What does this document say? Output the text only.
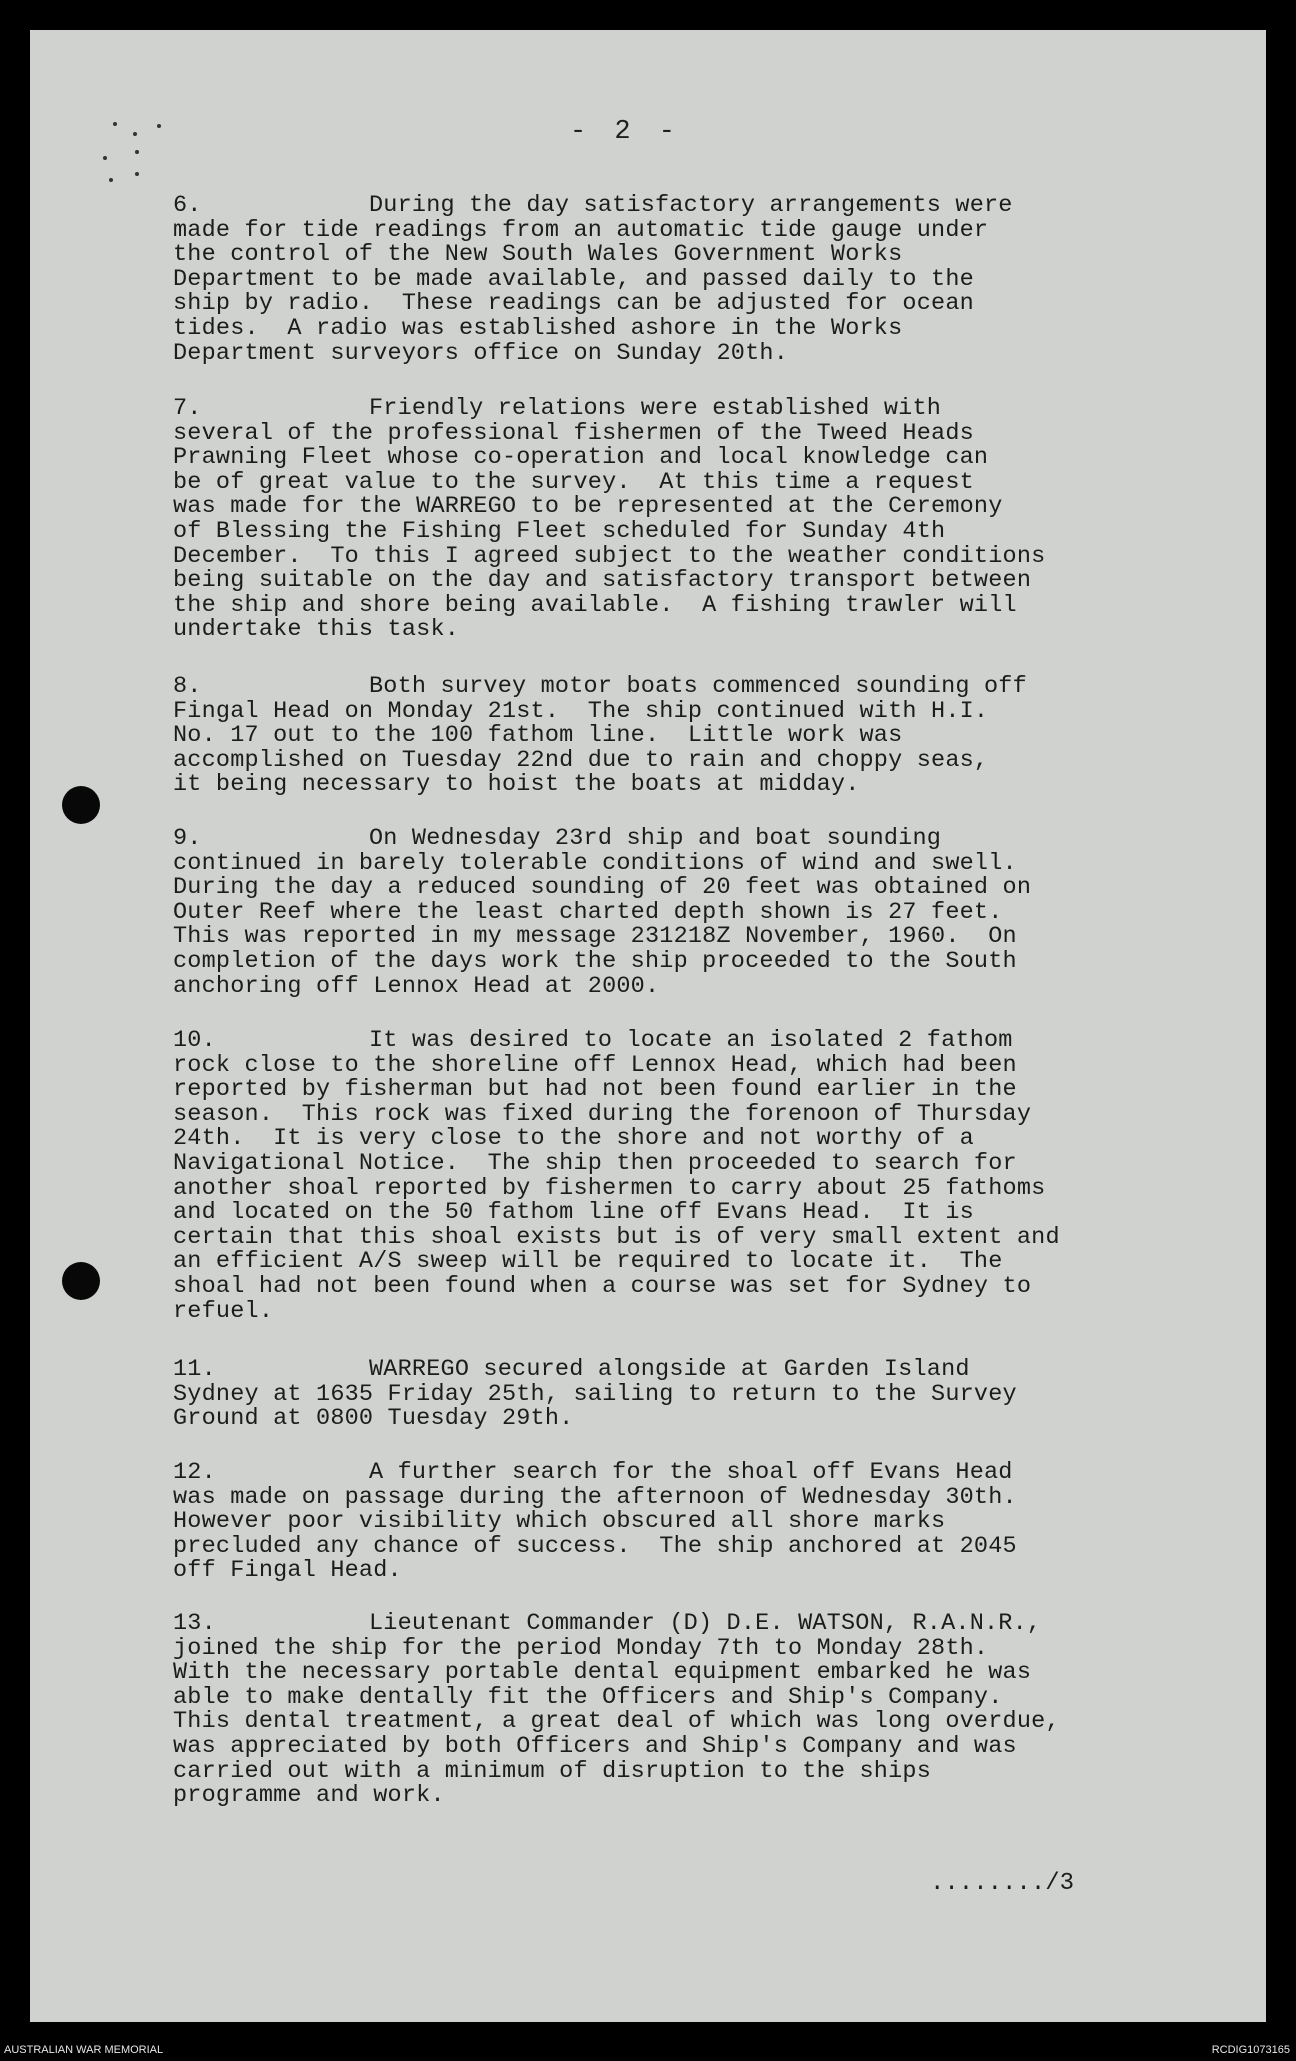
- 2 -
6.	During the day satisfactory arrangements were
made for tide readings from an automatic tide gauge under
the control of the New South Wales Government Works
Department to be made available, and passed daily to the
ship by radio.  These readings can be adjusted for ocean
tides.  A radio was established ashore in the Works
Department surveyors office on Sunday 20th.
7.	Friendly relations were established with
several of the professional fishermen of the Tweed Heads
Prawning Fleet whose co-operation and local knowledge can
be of great value to the survey.  At this time a request
was made for the WARREGO to be represented at the Ceremony
of Blessing the Fishing Fleet scheduled for Sunday 4th
December.  To this I agreed subject to the weather conditions
being suitable on the day and satisfactory transport between
the ship and shore being available.  A fishing trawler will
undertake this task.
8.	Both survey motor boats commenced sounding off
Fingal Head on Monday 21st.  The ship continued with H.I.
No. 17 out to the 100 fathom line.  Little work was
accomplished on Tuesday 22nd due to rain and choppy seas,
it being necessary to hoist the boats at midday.
9.	On Wednesday 23rd ship and boat sounding
continued in barely tolerable conditions of wind and swell.
During the day a reduced sounding of 20 feet was obtained on
Outer Reef where the least charted depth shown is 27 feet.
This was reported in my message 231218Z November, 1960.  On
completion of the days work the ship proceeded to the South
anchoring off Lennox Head at 2000.
10.	It was desired to locate an isolated 2 fathom
rock close to the shoreline off Lennox Head, which had been
reported by fisherman but had not been found earlier in the
season.  This rock was fixed during the forenoon of Thursday
24th.  It is very close to the shore and not worthy of a
Navigational Notice.  The ship then proceeded to search for
another shoal reported by fishermen to carry about 25 fathoms
and located on the 50 fathom line off Evans Head.  It is
certain that this shoal exists but is of very small extent and
an efficient A/S sweep will be required to locate it.  The
shoal had not been found when a course was set for Sydney to
refuel.
11.	WARREGO secured alongside at Garden Island
Sydney at 1635 Friday 25th, sailing to return to the Survey
Ground at 0800 Tuesday 29th.
12.	A further search for the shoal off Evans Head
was made on passage during the afternoon of Wednesday 30th.
However poor visibility which obscured all shore marks
precluded any chance of success.  The ship anchored at 2045
off Fingal Head.
13.	Lieutenant Commander (D) D.E. WATSON, R.A.N.R.,
joined the ship for the period Monday 7th to Monday 28th.
With the necessary portable dental equipment embarked he was
able to make dentally fit the Officers and Ship's Company.
This dental treatment, a great deal of which was long overdue,
was appreciated by both Officers and Ship's Company and was
carried out with a minimum of disruption to the ships
programme and work.
......../3
AUSTRALIAN WAR MEMORIAL	RCDIG1073165
